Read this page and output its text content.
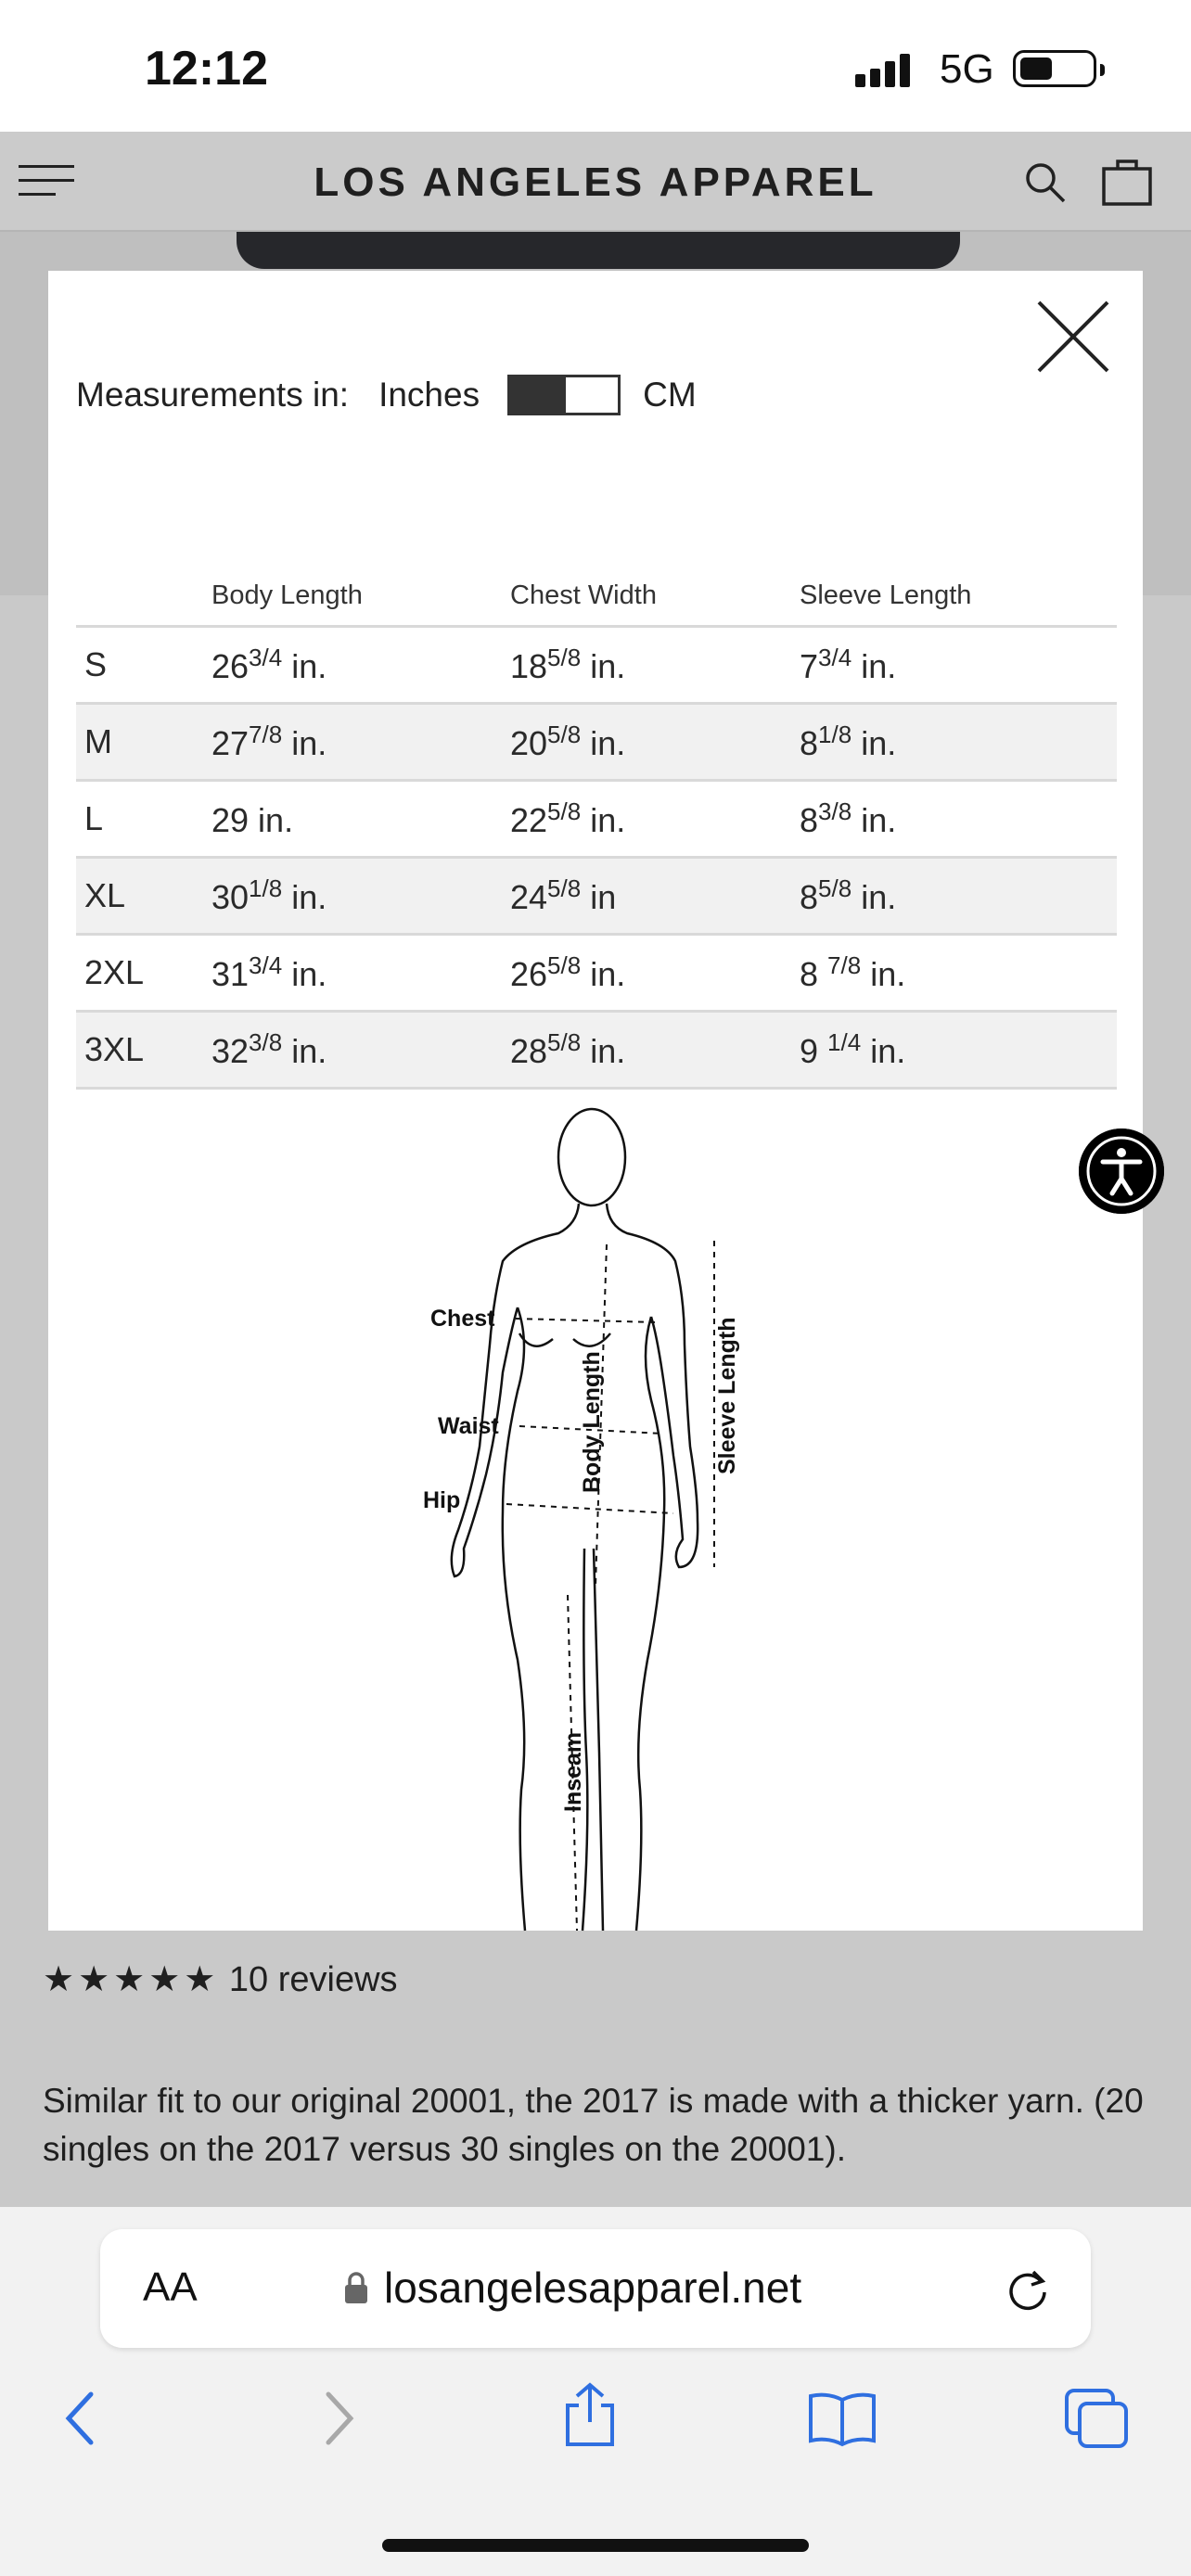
12:12	5G
LOS ANGELES APPAREL
★★★★★ 10 reviews
Similar fit to our original 20001, the 2017 is made with a thicker yarn. (20 singles on the 2017 versus 30 singles on the 20001).
Measurements in: Inches	CM
	Body Length	Chest Width	Sleeve Length
S	$26^{3/4}$ in.	$18^{5/8}$ in.	$7^{3/4}$ in.
M	$27^{7/8}$ in.	$20^{5/8}$ in.	$8^{1/8}$ in.
L	29 in.	$22^{5/8}$ in.	$8^{3/8}$ in.
XL	$30^{1/8}$ in.	$24^{5/8}$ in	$8^{5/8}$ in.
2XL	$31^{3/4}$ in.	$26^{5/8}$ in.	8 $^{7/8}$ in.
3XL	$32^{3/8}$ in.	$28^{5/8}$ in.	9 $^{1/4}$ in.
Chest
Waist
Hip
Body Length	Sleeve Length
Inseam
AA	losangelesapparel.net
